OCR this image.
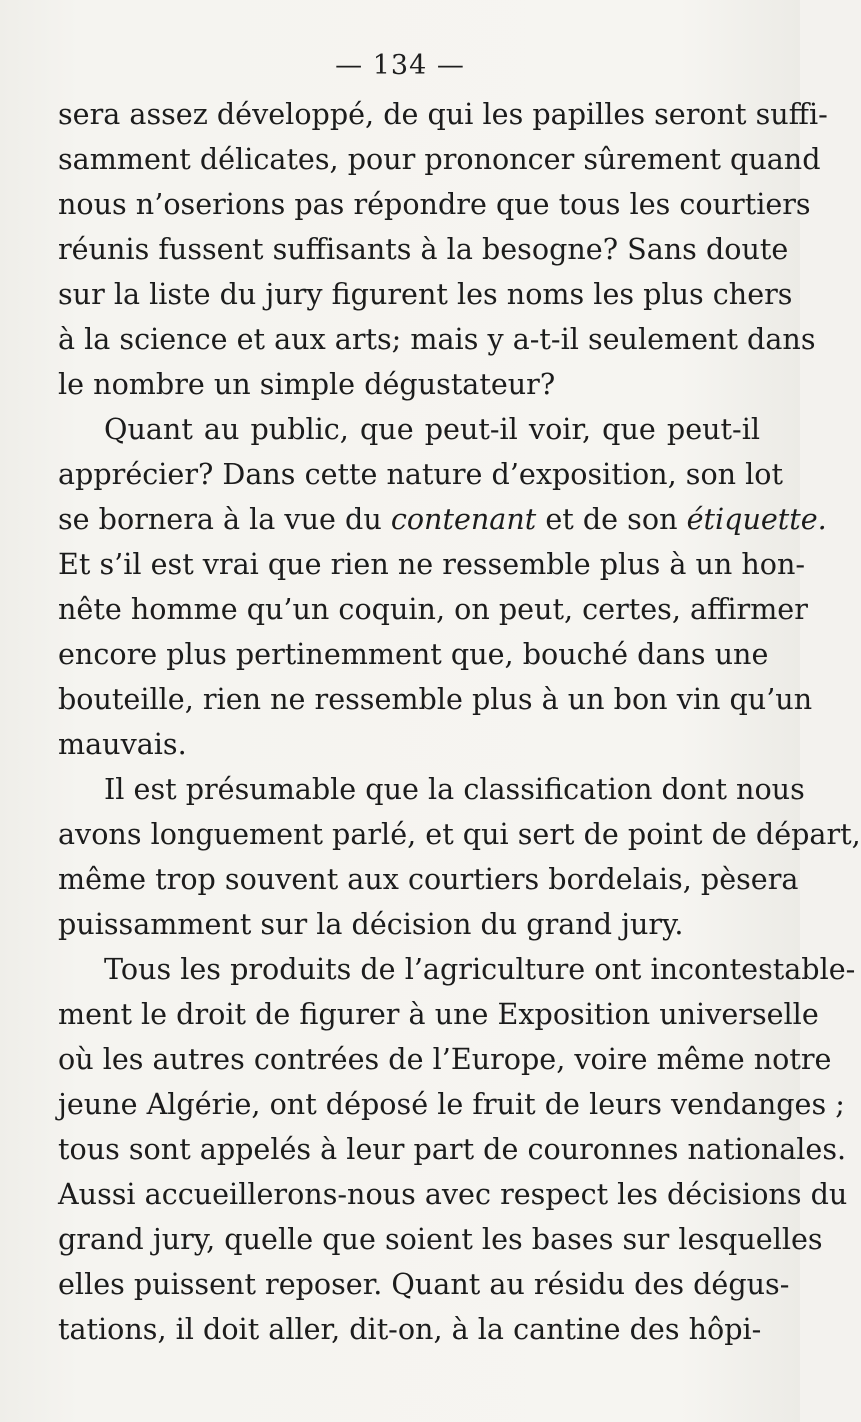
— 134 —
sera assez développé, de qui les papilles seront suffi-
samment délicates, pour prononcer sûrement quand
nous n’oserions pas répondre que tous les courtiers
réunis fussent suffisants à la besogne? Sans doute
sur la liste du jury figurent les noms les plus chers
à la science et aux arts; mais y a-t-il seulement dans
le nombre un simple dégustateur?
Quant au public, que peut-il voir, que peut-il
apprécier? Dans cette nature d’exposition, son lot
se bornera à la vue du contenant et de son étiquette.
Et s’il est vrai que rien ne ressemble plus à un hon-
nête homme qu’un coquin, on peut, certes, affirmer
encore plus pertinemment que, bouché dans une
bouteille, rien ne ressemble plus à un bon vin qu’un
mauvais.
Il est présumable que la classification dont nous
avons longuement parlé, et qui sert de point de départ,
même trop souvent aux courtiers bordelais, pèsera
puissamment sur la décision du grand jury.
Tous les produits de l’agriculture ont incontestable-
ment le droit de figurer à une Exposition universelle
où les autres contrées de l’Europe, voire même notre
jeune Algérie, ont déposé le fruit de leurs vendanges ;
tous sont appelés à leur part de couronnes nationales.
Aussi accueillerons-nous avec respect les décisions du
grand jury, quelle que soient les bases sur lesquelles
elles puissent reposer. Quant au résidu des dégus-
tations, il doit aller, dit-on, à la cantine des hôpi-
